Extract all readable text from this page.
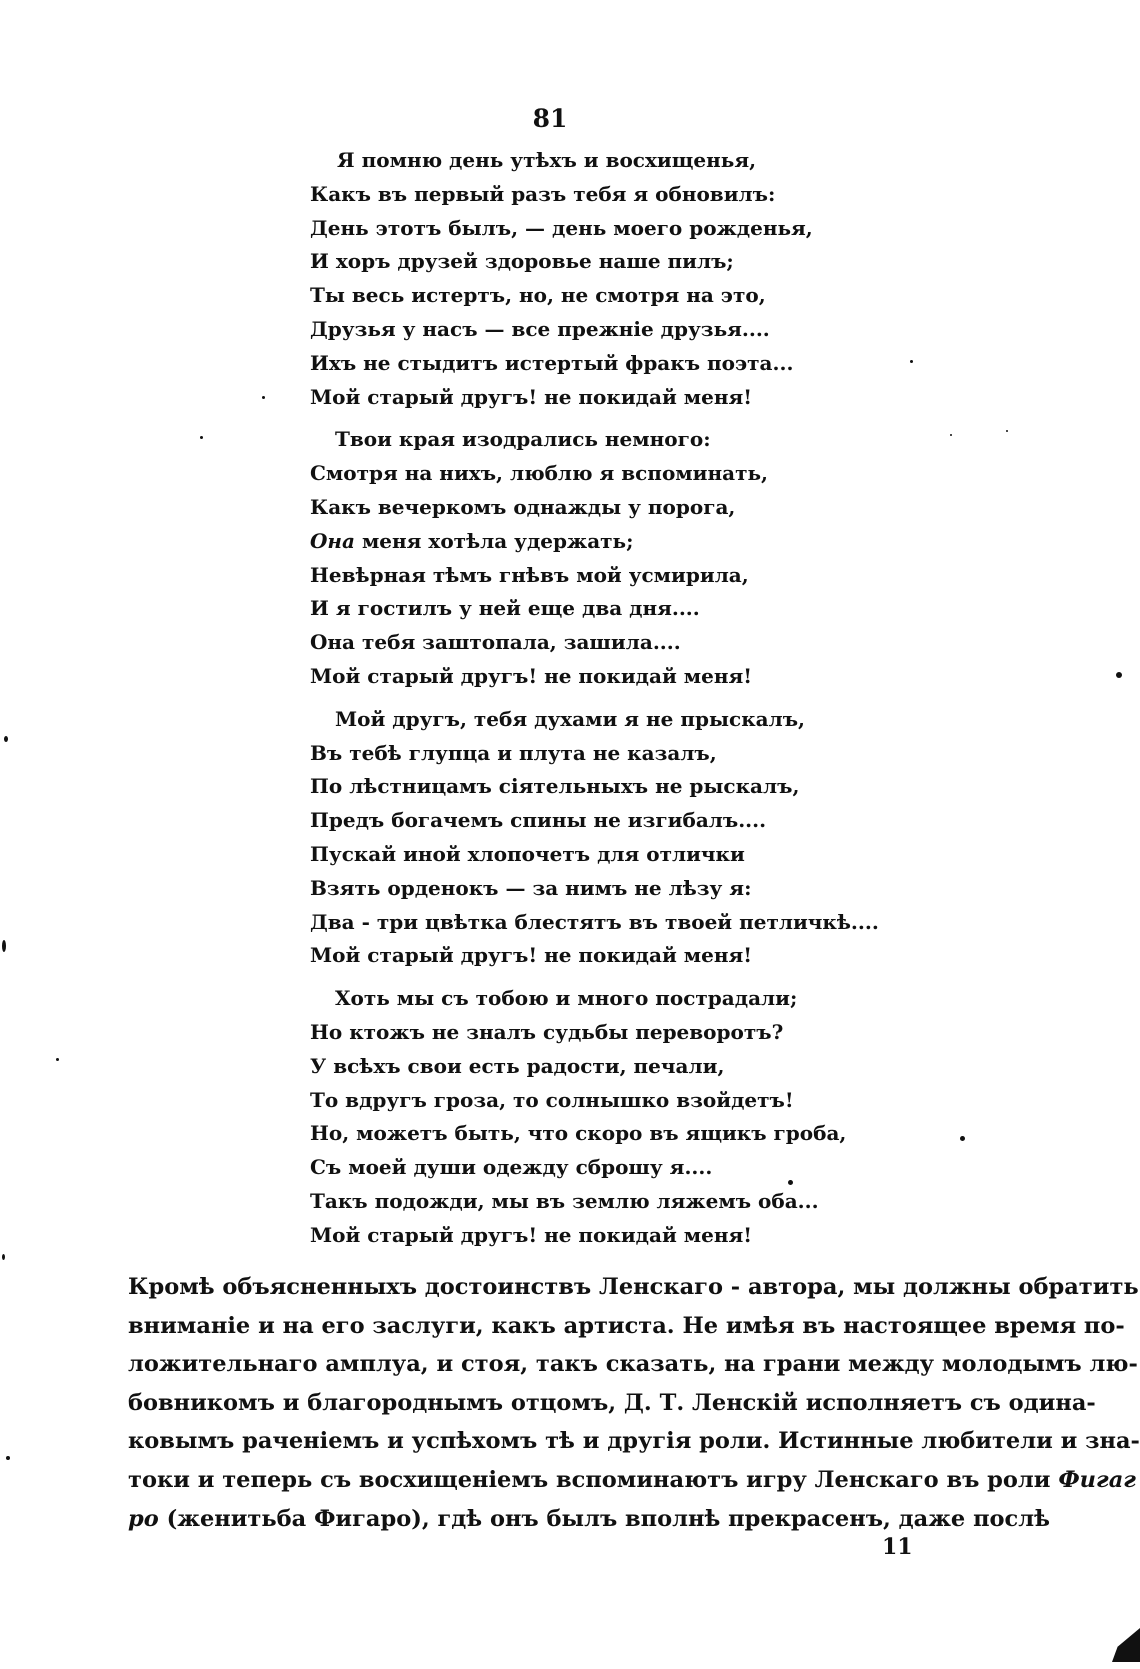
81
Я помню день утѣхъ и восхищенья,
Какъ въ первый разъ тебя я обновилъ:
День этотъ былъ, — день моего рожденья,
И хоръ друзей здоровье наше пилъ;
Ты весь истертъ, но, не смотря на это,
Друзья у насъ — все прежніе друзья....
Ихъ не стыдитъ истертый фракъ поэта...
Мой старый другъ! не покидай меня!
Твои края изодрались немного:
Смотря на нихъ, люблю я вспоминать,
Какъ вечеркомъ однажды у порога,
Она меня хотѣла удержать;
Невѣрная тѣмъ гнѣвъ мой усмирила,
И я гостилъ у ней еще два дня....
Она тебя заштопала, зашила....
Мой старый другъ! не покидай меня!
Мой другъ, тебя духами я не прыскалъ,
Въ тебѣ глупца и плута не казалъ,
По лѣстницамъ сіятельныхъ не рыскалъ,
Предъ богачемъ спины не изгибалъ....
Пускай иной хлопочетъ для отлички
Взять орденокъ — за нимъ не лѣзу я:
Два - три цвѣтка блестятъ въ твоей петличкѣ....
Мой старый другъ! не покидай меня!
Хоть мы съ тобою и много пострадали;
Но ктожъ не зналъ судьбы переворотъ?
У всѣхъ свои есть радости, печали,
То вдругъ гроза, то солнышко взойдетъ!
Но, можетъ быть, что скоро въ ящикъ гроба,
Съ моей души одежду сброшу я....
Такъ подожди, мы въ землю ляжемъ оба...
Мой старый другъ! не покидай меня!
Кромѣ объясненныхъ достоинствъ Ленскаго - автора, мы должны обратить
вниманіе и на его заслуги, какъ артиста. Не имѣя въ настоящее время по-
ложительнаго амплуа, и стоя, такъ сказать, на грани между молодымъ лю-
бовникомъ и благороднымъ отцомъ, Д. Т. Ленскій исполняетъ съ одина-
ковымъ раченіемъ и успѣхомъ тѣ и другія роли. Истинные любители и зна-
токи и теперь съ восхищеніемъ вспоминаютъ игру Ленскаго въ роли Фигаг
ро (женитьба Фигаро), гдѣ онъ былъ вполнѣ прекрасенъ, даже послѣ
11
